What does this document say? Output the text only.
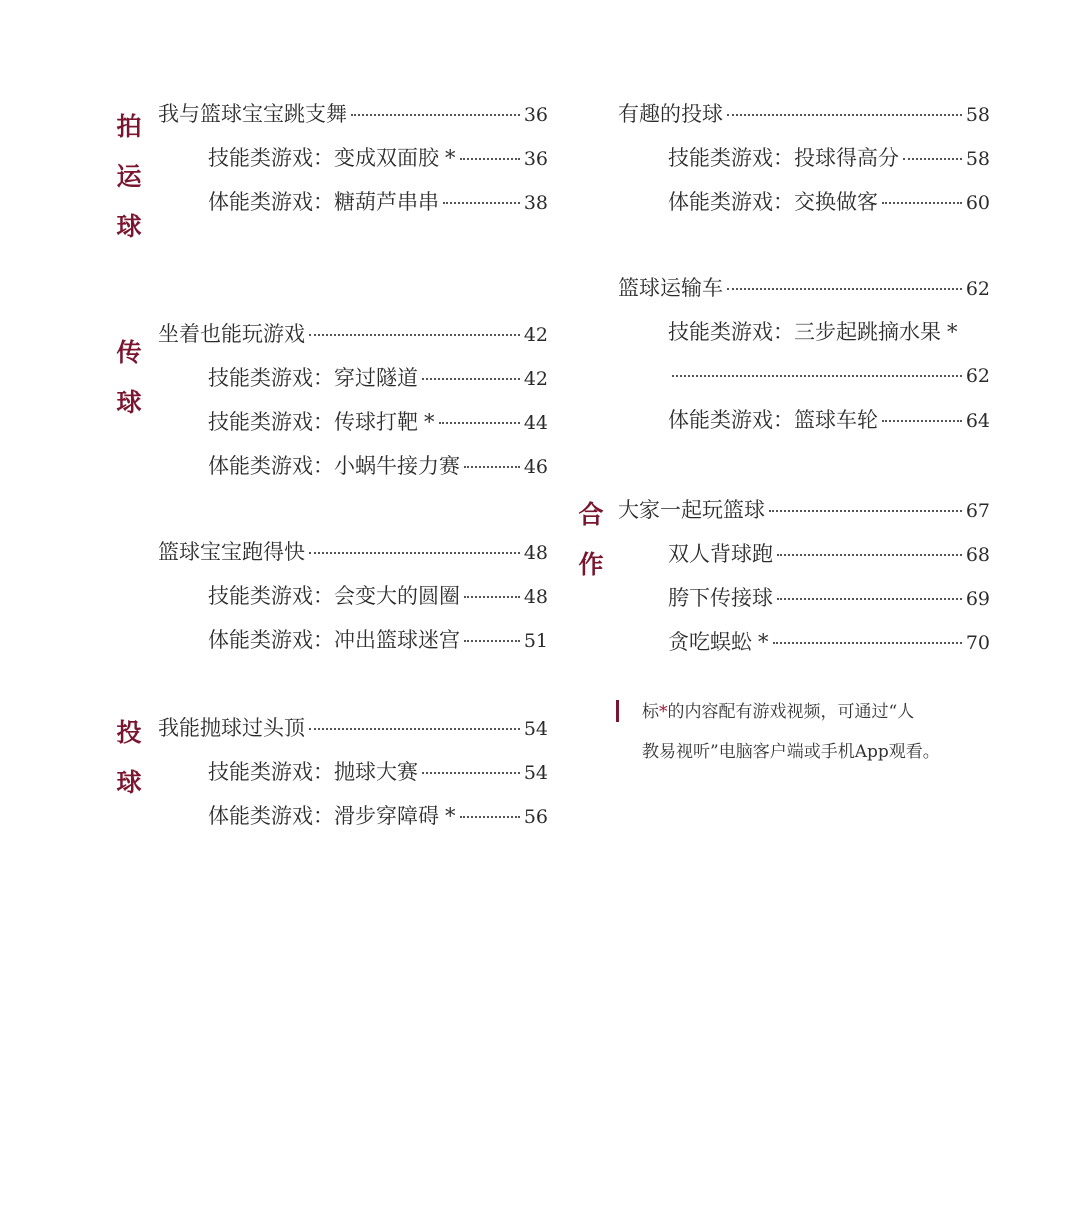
拍
运
球
我与篮球宝宝跳支舞	36
技能类游戏：变成双面胶 *	36
体能类游戏：糖葫芦串串	38
传
球
坐着也能玩游戏	42
技能类游戏：穿过隧道	42
技能类游戏：传球打靶 *	44
体能类游戏：小蜗牛接力赛	46
篮球宝宝跑得快	48
技能类游戏：会变大的圆圈	48
体能类游戏：冲出篮球迷宫	51
投
球
我能抛球过头顶	54
技能类游戏：抛球大赛	54
体能类游戏：滑步穿障碍 *	56
有趣的投球	58
技能类游戏：投球得高分	58
体能类游戏：交换做客	60
篮球运输车	62
技能类游戏：三步起跳摘水果 *
62
体能类游戏：篮球车轮	64
合
作
大家一起玩篮球	67
双人背球跑	68
胯下传接球	69
贪吃蜈蚣 *	70
标*的内容配有游戏视频，可通过“人
教易视听”电脑客户端或手机App观看。
